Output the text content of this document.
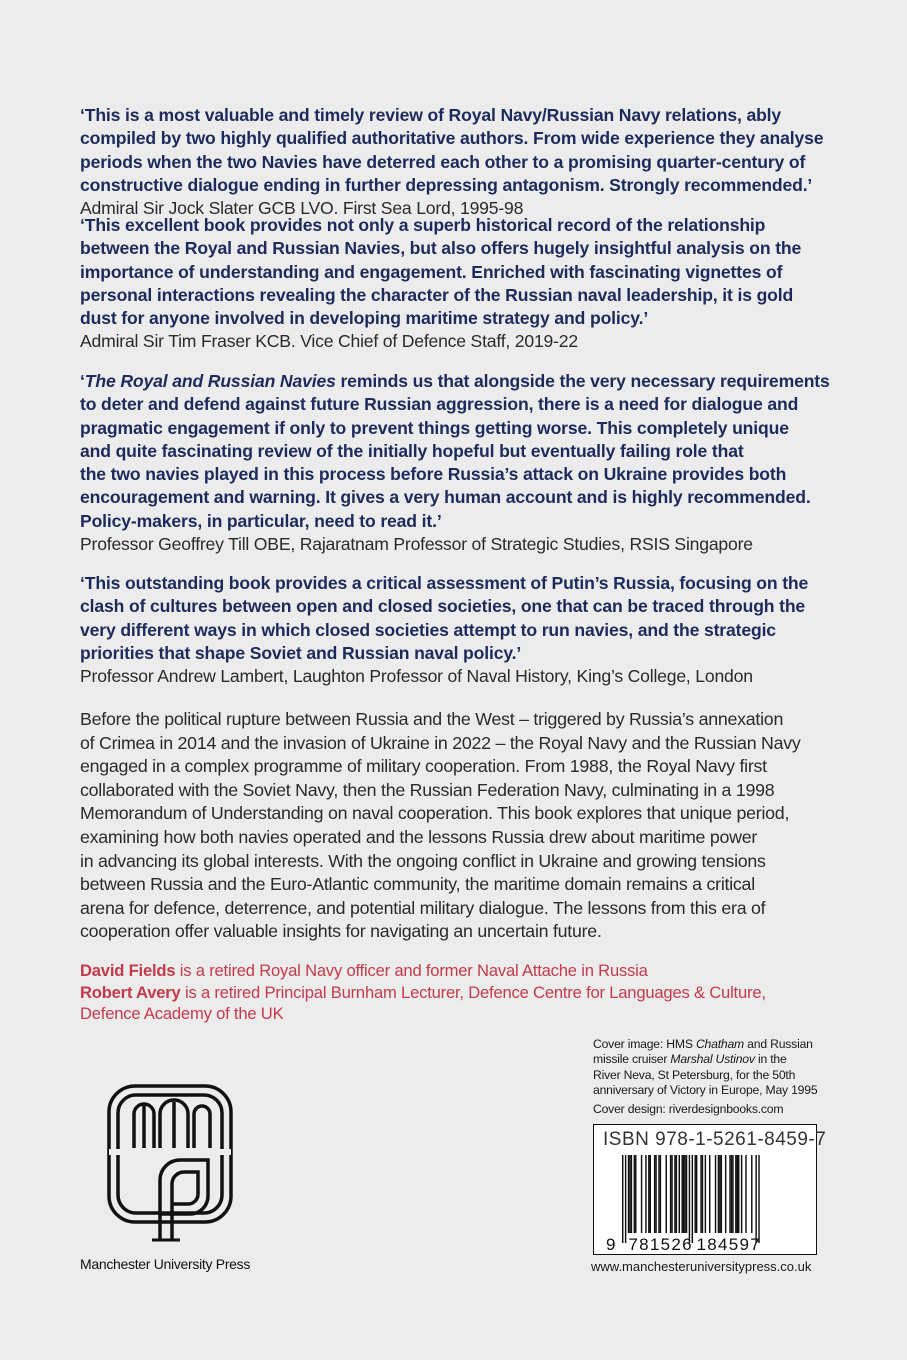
‘This is a most valuable and timely review of Royal Navy/Russian Navy relations, ably
compiled by two highly qualified authoritative authors. From wide experience they analyse
periods when the two Navies have deterred each other to a promising quarter-century of
constructive dialogue ending in further depressing antagonism. Strongly recommended.’
Admiral Sir Jock Slater GCB LVO. First Sea Lord, 1995-98
‘This excellent book provides not only a superb historical record of the relationship
between the Royal and Russian Navies, but also offers hugely insightful analysis on the
importance of understanding and engagement. Enriched with fascinating vignettes of
personal interactions revealing the character of the Russian naval leadership, it is gold
dust for anyone involved in developing maritime strategy and policy.’
Admiral Sir Tim Fraser KCB. Vice Chief of Defence Staff, 2019-22
‘The Royal and Russian Navies reminds us that alongside the very necessary requirements
to deter and defend against future Russian aggression, there is a need for dialogue and
pragmatic engagement if only to prevent things getting worse. This completely unique
and quite fascinating review of the initially hopeful but eventually failing role that
the two navies played in this process before Russia’s attack on Ukraine provides both
encouragement and warning. It gives a very human account and is highly recommended.
Policy-makers, in particular, need to read it.’
Professor Geoffrey Till OBE, Rajaratnam Professor of Strategic Studies, RSIS Singapore
‘This outstanding book provides a critical assessment of Putin’s Russia, focusing on the
clash of cultures between open and closed societies, one that can be traced through the
very different ways in which closed societies attempt to run navies, and the strategic
priorities that shape Soviet and Russian naval policy.’
Professor Andrew Lambert, Laughton Professor of Naval History, King’s College, London
Before the political rupture between Russia and the West – triggered by Russia’s annexation
of Crimea in 2014 and the invasion of Ukraine in 2022 – the Royal Navy and the Russian Navy
engaged in a complex programme of military cooperation. From 1988, the Royal Navy first
collaborated with the Soviet Navy, then the Russian Federation Navy, culminating in a 1998
Memorandum of Understanding on naval cooperation. This book explores that unique period,
examining how both navies operated and the lessons Russia drew about maritime power
in advancing its global interests. With the ongoing conflict in Ukraine and growing tensions
between Russia and the Euro-Atlantic community, the maritime domain remains a critical
arena for defence, deterrence, and potential military dialogue. The lessons from this era of
cooperation offer valuable insights for navigating an uncertain future.
David Fields is a retired Royal Navy officer and former Naval Attache in Russia
Robert Avery is a retired Principal Burnham Lecturer, Defence Centre for Languages & Culture,
Defence Academy of the UK
Cover image: HMS Chatham and Russian
missile cruiser Marshal Ustinov in the
River Neva, St Petersburg, for the 50th
anniversary of Victory in Europe, May 1995
Cover design: riverdesignbooks.com
ISBN 978-1-5261-8459-7
9 781526 184597
www.manchesteruniversitypress.co.uk
Manchester University Press
